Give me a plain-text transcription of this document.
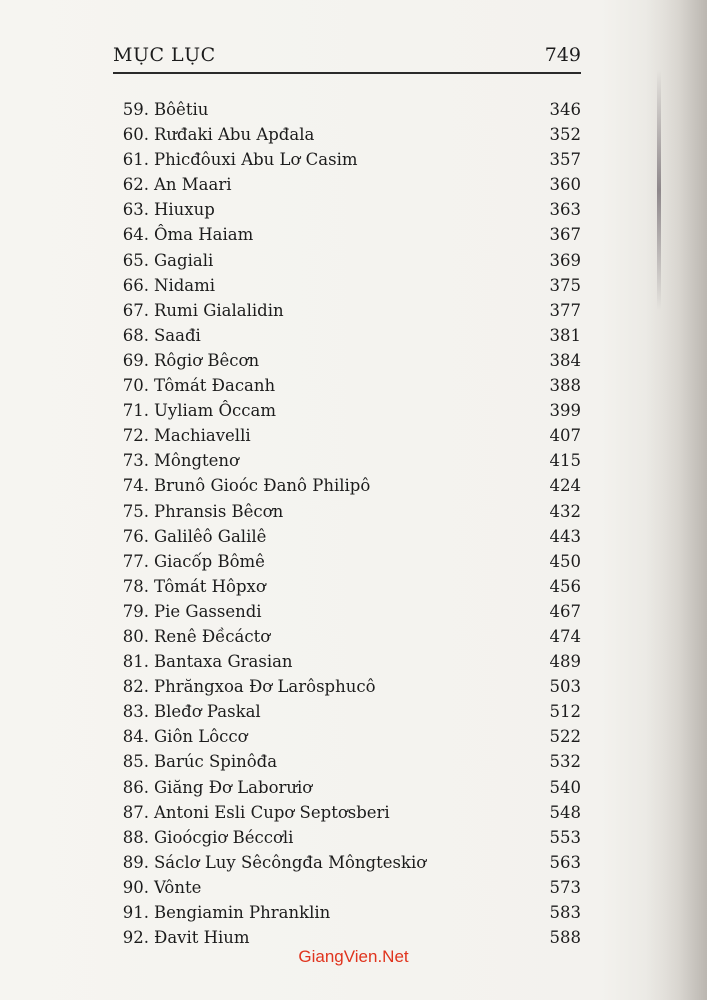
MỤC LỤC	749
59. Bôêtiu	346
60. Rưđaki Abu Apđala	352
61. Phicđôuxi Abu Lơ Casim	357
62. An Maari	360
63. Hiuxup	363
64. Ôma Haiam	367
65. Gagiali	369
66. Nidami	375
67. Rumi Gialalidin	377
68. Saađi	381
69. Rôgiơ Bêcơn	384
70. Tômát Đacanh	388
71. Uyliam Ôccam	399
72. Machiavelli	407
73. Môngtenơ	415
74. Brunô Gioóc Đanô Philipô	424
75. Phransis Bêcơn	432
76. Galilêô Galilê	443
77. Giacốp Bômê	450
78. Tômát Hôpxơ	456
79. Pie Gassendi	467
80. Renê Đềcáctơ	474
81. Bantaxa Grasian	489
82. Phrăngxoa Đơ Larôsphucô	503
83. Bleđơ Paskal	512
84. Giôn Lôccơ	522
85. Barúc Spinôđa	532
86. Giăng Đơ Laborưiơ	540
87. Antoni Esli Cupơ Septơsberi	548
88. Gioócgiơ Béccơli	553
89. Sáclơ Luy Sêcôngđa Môngteskiơ	563
90. Vônte	573
91. Bengiamin Phranklin	583
92. Đavit Hium	588
GiangVien.Net
